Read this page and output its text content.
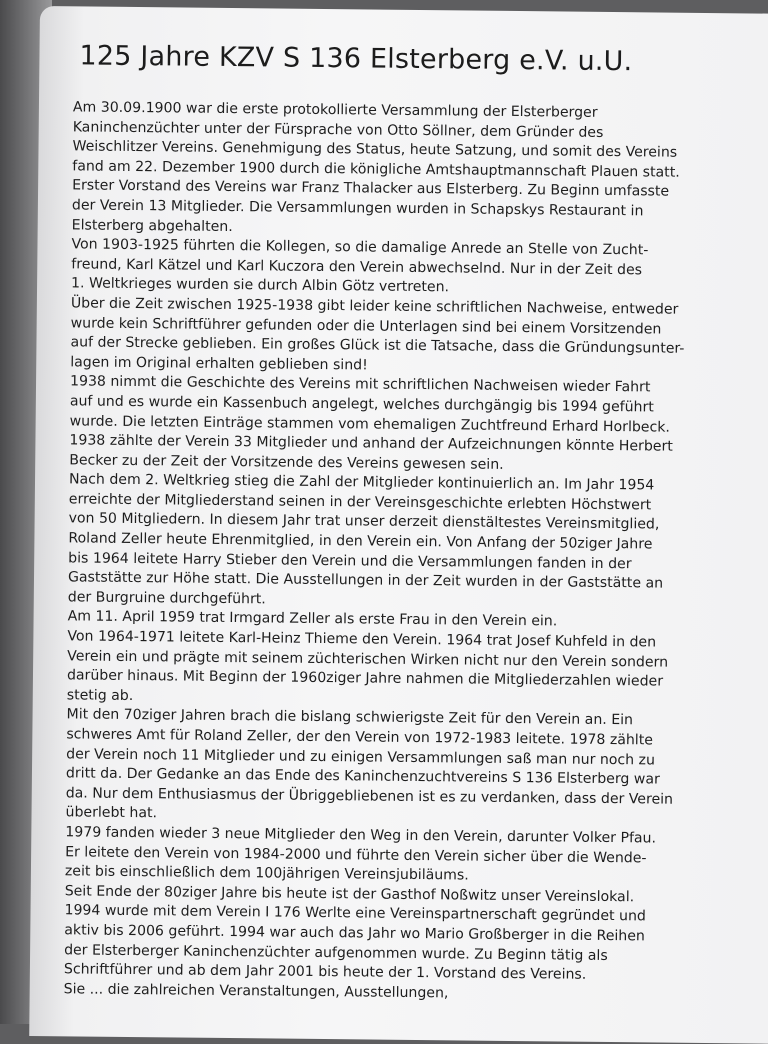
125 Jahre KZV S 136 Elsterberg e.V. u.U.
Am 30.09.1900 war die erste protokollierte Versammlung der Elsterberger
Kaninchenzüchter unter der Fürsprache von Otto Söllner, dem Gründer des
Weischlitzer Vereins. Genehmigung des Status, heute Satzung, und somit des Vereins
fand am 22. Dezember 1900 durch die königliche Amtshauptmannschaft Plauen statt.
Erster Vorstand des Vereins war Franz Thalacker aus Elsterberg. Zu Beginn umfasste
der Verein 13 Mitglieder. Die Versammlungen wurden in Schapskys Restaurant in
Elsterberg abgehalten.
Von 1903-1925 führten die Kollegen, so die damalige Anrede an Stelle von Zucht-
freund, Karl Kätzel und Karl Kuczora den Verein abwechselnd. Nur in der Zeit des
1. Weltkrieges wurden sie durch Albin Götz vertreten.
Über die Zeit zwischen 1925-1938 gibt leider keine schriftlichen Nachweise, entweder
wurde kein Schriftführer gefunden oder die Unterlagen sind bei einem Vorsitzenden
auf der Strecke geblieben. Ein großes Glück ist die Tatsache, dass die Gründungsunter-
lagen im Original erhalten geblieben sind!
1938 nimmt die Geschichte des Vereins mit schriftlichen Nachweisen wieder Fahrt
auf und es wurde ein Kassenbuch angelegt, welches durchgängig bis 1994 geführt
wurde. Die letzten Einträge stammen vom ehemaligen Zuchtfreund Erhard Horlbeck.
1938 zählte der Verein 33 Mitglieder und anhand der Aufzeichnungen könnte Herbert
Becker zu der Zeit der Vorsitzende des Vereins gewesen sein.
Nach dem 2. Weltkrieg stieg die Zahl der Mitglieder kontinuierlich an. Im Jahr 1954
erreichte der Mitgliederstand seinen in der Vereinsgeschichte erlebten Höchstwert
von 50 Mitgliedern. In diesem Jahr trat unser derzeit dienstältestes Vereinsmitglied,
Roland Zeller heute Ehrenmitglied, in den Verein ein. Von Anfang der 50ziger Jahre
bis 1964 leitete Harry Stieber den Verein und die Versammlungen fanden in der
Gaststätte zur Höhe statt. Die Ausstellungen in der Zeit wurden in der Gaststätte an
der Burgruine durchgeführt.
Am 11. April 1959 trat Irmgard Zeller als erste Frau in den Verein ein.
Von 1964-1971 leitete Karl-Heinz Thieme den Verein. 1964 trat Josef Kuhfeld in den
Verein ein und prägte mit seinem züchterischen Wirken nicht nur den Verein sondern
darüber hinaus. Mit Beginn der 1960ziger Jahre nahmen die Mitgliederzahlen wieder
stetig ab.
Mit den 70ziger Jahren brach die bislang schwierigste Zeit für den Verein an. Ein
schweres Amt für Roland Zeller, der den Verein von 1972-1983 leitete. 1978 zählte
der Verein noch 11 Mitglieder und zu einigen Versammlungen saß man nur noch zu
dritt da. Der Gedanke an das Ende des Kaninchenzuchtvereins S 136 Elsterberg war
da. Nur dem Enthusiasmus der Übriggebliebenen ist es zu verdanken, dass der Verein
überlebt hat.
1979 fanden wieder 3 neue Mitglieder den Weg in den Verein, darunter Volker Pfau.
Er leitete den Verein von 1984-2000 und führte den Verein sicher über die Wende-
zeit bis einschließlich dem 100jährigen Vereinsjubiläums.
Seit Ende der 80ziger Jahre bis heute ist der Gasthof Noßwitz unser Vereinslokal.
1994 wurde mit dem Verein I 176 Werlte eine Vereinspartnerschaft gegründet und
aktiv bis 2006 geführt. 1994 war auch das Jahr wo Mario Großberger in die Reihen
der Elsterberger Kaninchenzüchter aufgenommen wurde. Zu Beginn tätig als
Schriftführer und ab dem Jahr 2001 bis heute der 1. Vorstand des Vereins.
Sie ... die zahlreichen Veranstaltungen, Ausstellungen,
